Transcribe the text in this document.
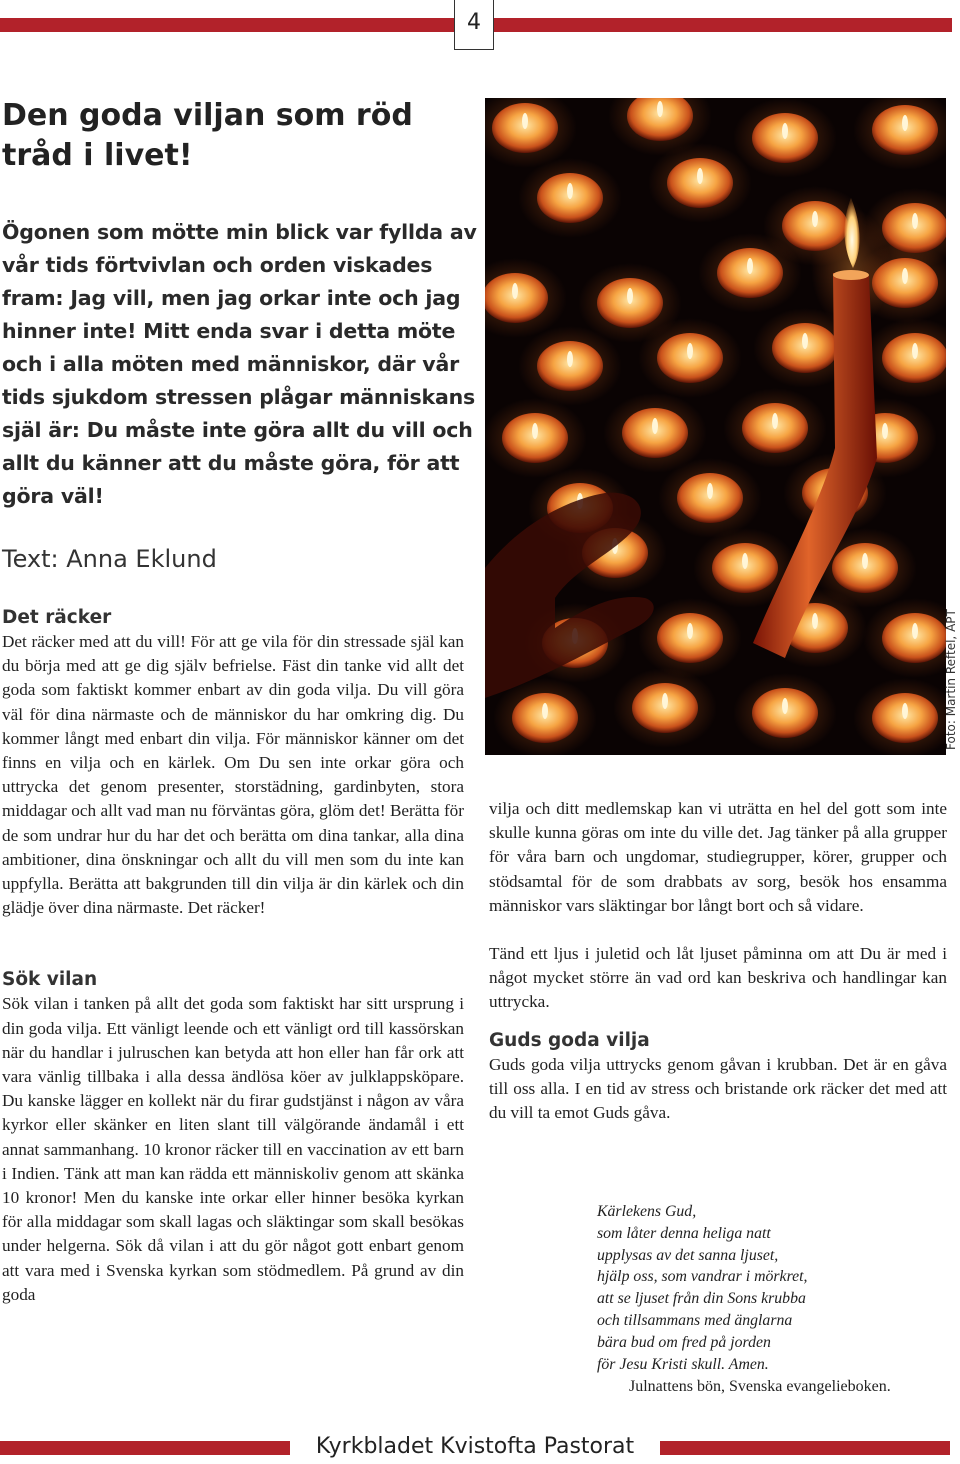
4
Den goda viljan som röd tråd i livet!

Ögonen som mötte min blick var fyllda av vår tids förtvivlan och orden viskades fram: Jag vill, men jag orkar inte och jag hinner inte! Mitt enda svar i detta möte och i alla möten med människor, där vår tids sjukdom stressen plågar människans själ är: Du måste inte göra allt du vill och allt du känner att du måste göra, för att göra väl!

Text: Anna Eklund
Foto: Martin Reftel, APT
Det räcker

Det räcker med att du vill! För att ge vila för din stressade själ kan du börja med att ge dig själv befrielse. Fäst din tanke vid allt det goda som faktiskt kommer enbart av din goda vilja. Du vill göra väl för dina närmaste och de människor du har omkring dig. Du kommer långt med enbart din vilja. För människor känner om det finns en vilja och en kärlek. Om Du sen inte orkar göra och uttrycka det genom presenter, storstädning, gardinbyten, stora middagar och allt vad man nu förväntas göra, glöm det! Berätta för de som undrar hur du har det och berätta om dina tankar, alla dina ambitioner, dina önskningar och allt du vill men som du inte kan uppfylla. Berätta att bakgrunden till din vilja är din kärlek och din glädje över dina närmaste. Det räcker!

Sök vilan

Sök vilan i tanken på allt det goda som faktiskt har sitt ursprung i din goda vilja. Ett vänligt leende och ett vänligt ord till kassörskan när du handlar i julruschen kan betyda att hon eller han får ork att vara vänlig tillbaka i alla dessa ändlösa köer av julklappsköpare. Du kanske lägger en kollekt när du firar gudstjänst i någon av våra kyrkor eller skänker en liten slant till välgörande ändamål i ett annat sammanhang. 10 kronor räcker till en vaccination av ett barn i Indien. Tänk att man kan rädda ett människoliv genom att skänka 10 kronor! Men du kanske inte orkar eller hinner besöka kyrkan för alla middagar som skall lagas och släktingar som skall besökas under helgerna. Sök då vilan i att du gör något gott enbart genom att vara med i Svenska kyrkan som stödmedlem. På grund av din goda

vilja och ditt medlemskap kan vi uträtta en hel del gott som inte skulle kunna göras om inte du ville det. Jag tänker på alla grupper för våra barn och ungdomar, studiegrupper, körer, grupper och stödsamtal för de som drabbats av sorg, besök hos ensamma människor vars släktingar bor långt bort och så vidare.

Tänd ett ljus i juletid och låt ljuset påminna om att Du är med i något mycket större än vad ord kan beskriva och handlingar kan uttrycka.

Guds goda vilja

Guds goda vilja uttrycks genom gåvan i krubban. Det är en gåva till oss alla. I en tid av stress och bristande ork räcker det med att du vill ta emot Guds gåva.

Kärlekens Gud,
som låter denna heliga natt
upplysas av det sanna ljuset,
hjälp oss, som vandrar i mörkret,
att se ljuset från din Sons krubba
och tillsammans med änglarna
bära bud om fred på jorden
för Jesu Kristi skull. Amen.
Julnattens bön, Svenska evangelieboken.
Kyrkbladet Kvistofta Pastorat
